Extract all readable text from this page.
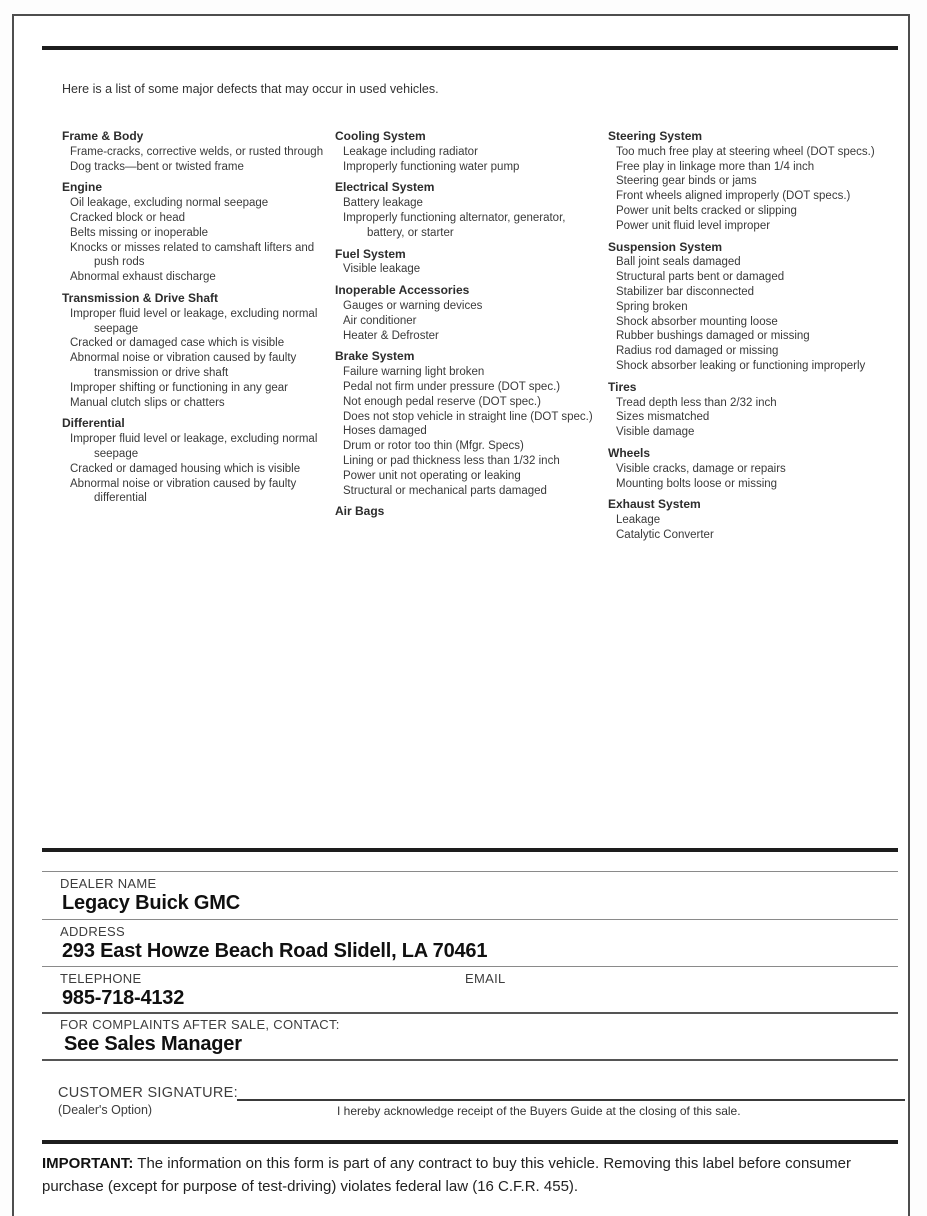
Here is a list of some major defects that may occur in used vehicles.
Frame & Body
Frame-cracks, corrective welds, or rusted through
Dog tracks—bent or twisted frame
Engine
Oil leakage, excluding normal seepage
Cracked block or head
Belts missing or inoperable
Knocks or misses related to camshaft lifters and push rods
Abnormal exhaust discharge
Transmission & Drive Shaft
Improper fluid level or leakage, excluding normal seepage
Cracked or damaged case which is visible
Abnormal noise or vibration caused by faulty transmission or drive shaft
Improper shifting or functioning in any gear
Manual clutch slips or chatters
Differential
Improper fluid level or leakage, excluding normal seepage
Cracked or damaged housing which is visible
Abnormal noise or vibration caused by faulty differential
Cooling System
Leakage including radiator
Improperly functioning water pump
Electrical System
Battery leakage
Improperly functioning alternator, generator, battery, or starter
Fuel System
Visible leakage
Inoperable Accessories
Gauges or warning devices
Air conditioner
Heater & Defroster
Brake System
Failure warning light broken
Pedal not firm under pressure (DOT spec.)
Not enough pedal reserve (DOT spec.)
Does not stop vehicle in straight line (DOT spec.)
Hoses damaged
Drum or rotor too thin (Mfgr. Specs)
Lining or pad thickness less than 1/32 inch
Power unit not operating or leaking
Structural or mechanical parts damaged
Air Bags
Steering System
Too much free play at steering wheel (DOT specs.)
Free play in linkage more than 1/4 inch
Steering gear binds or jams
Front wheels aligned improperly (DOT specs.)
Power unit belts cracked or slipping
Power unit fluid level improper
Suspension System
Ball joint seals damaged
Structural parts bent or damaged
Stabilizer bar disconnected
Spring broken
Shock absorber mounting loose
Rubber bushings damaged or missing
Radius rod damaged or missing
Shock absorber leaking or functioning improperly
Tires
Tread depth less than 2/32 inch
Sizes mismatched
Visible damage
Wheels
Visible cracks, damage or repairs
Mounting bolts loose or missing
Exhaust System
Leakage
Catalytic Converter
DEALER NAME
Legacy Buick GMC
ADDRESS
293 East Howze Beach Road Slidell, LA 70461
TELEPHONE	EMAIL
985-718-4132
FOR COMPLAINTS AFTER SALE, CONTACT:
See Sales Manager
CUSTOMER SIGNATURE:
(Dealer's Option)	I hereby acknowledge receipt of the Buyers Guide at the closing of this sale.
IMPORTANT: The information on this form is part of any contract to buy this vehicle. Removing this label before consumer purchase (except for purpose of test-driving) violates federal law (16 C.F.R. 455).
